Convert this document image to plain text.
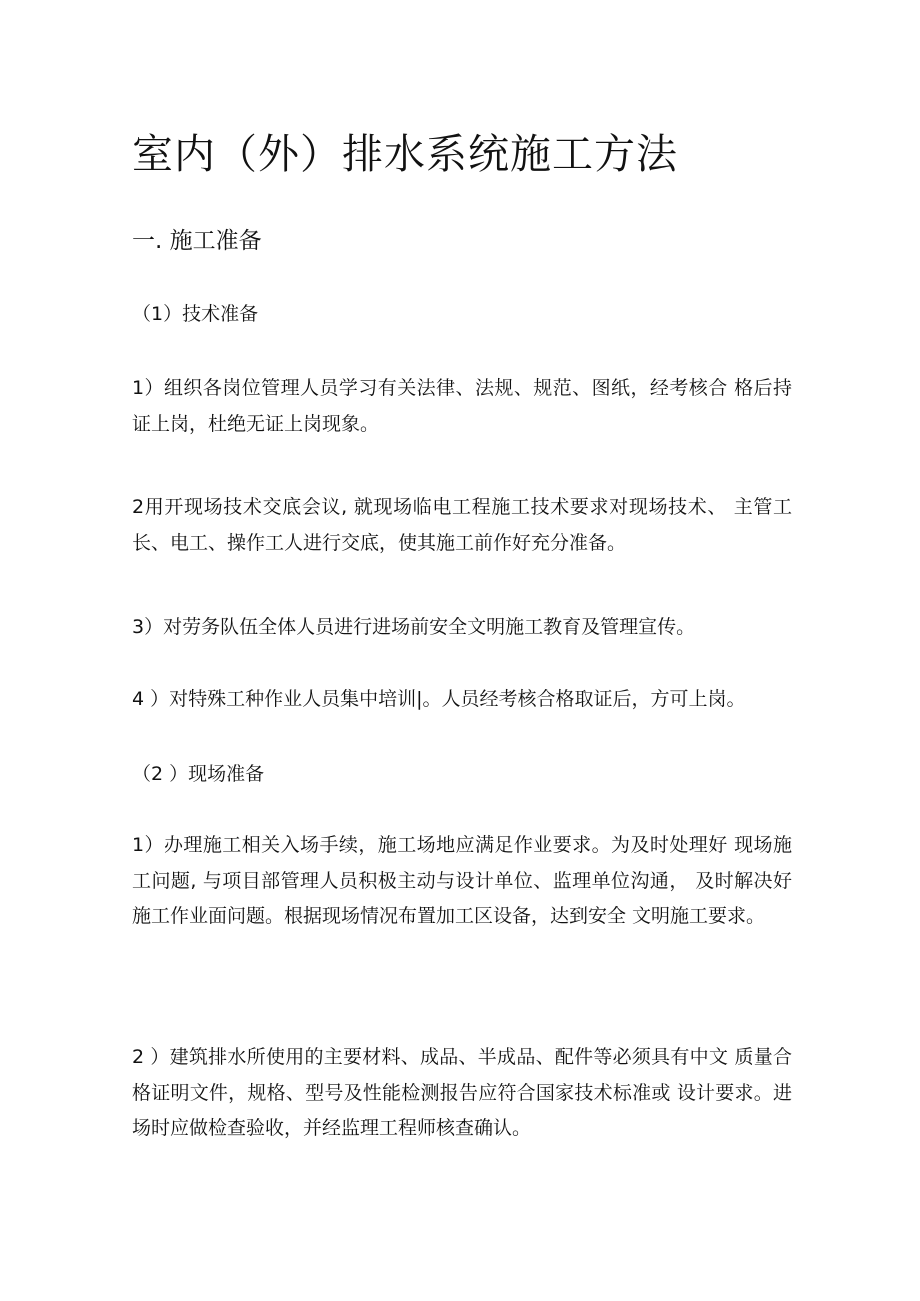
室内（外）排水系统施工方法
一. 施工准备
（1）技术准备
1）组织各岗位管理人员学习有关法律、法规、规范、图纸，经考核合 格后持证上岗，杜绝无证上岗现象。
2用开现场技术交底会议, 就现场临电工程施工技术要求对现场技术、 主管工长、电工、操作工人进行交底，使其施工前作好充分准备。
3）对劳务队伍全体人员进行进场前安全文明施工教育及管理宣传。
4 ）对特殊工种作业人员集中培训|。人员经考核合格取证后，方可上岗。
（2 ）现场准备
1）办理施工相关入场手续，施工场地应满足作业要求。为及时处理好 现场施工问题, 与项目部管理人员积极主动与设计单位、监理单位沟通， 及时解决好施工作业面问题。根据现场情况布置加工区设备，达到安全 文明施工要求。
2 ）建筑排水所使用的主要材料、成品、半成品、配件等必须具有中文 质量合格证明文件，规格、型号及性能检测报告应符合国家技术标准或 设计要求。进场时应做检查验收，并经监理工程师核查确认。
